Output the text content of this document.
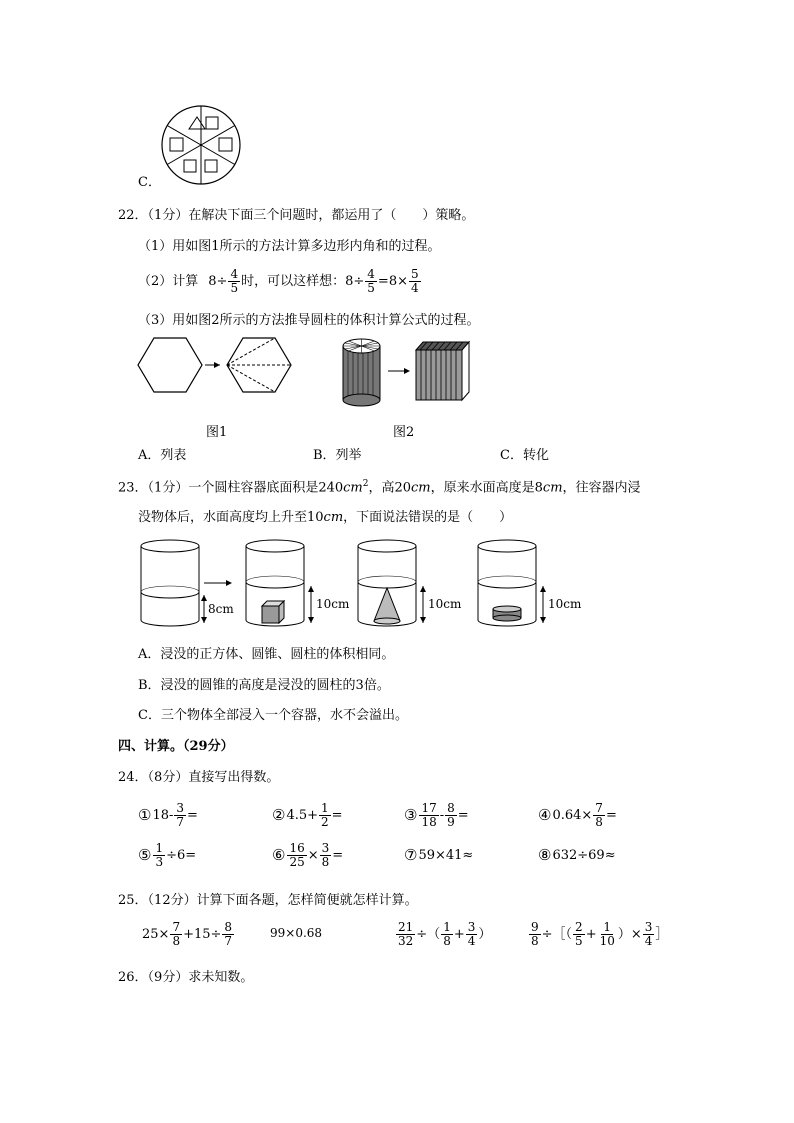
C．
22．（1分）在解决下面三个问题时，都运用了（　　）策略。
（1）用如图1所示的方法计算多边形内角和的过程。
（2）计算 $8\div \frac{4}{5}$ 时，可以这样想： $8\div \frac{4}{5} =8\times \frac{5}{4}$
（3）用如图2所示的方法推导圆柱的体积计算公式的过程。
图1	图2
A．列表	B．列举	C．转化
23．（1分）一个圆柱容器底面积是$240cm^2$，高20cm，原来水面高度是8cm，往容器内浸
没物体后，水面高度均上升至10cm，下面说法错误的是（　　）
8cm	10cm	10cm	10cm
A．浸没的正方体、圆锥、圆柱的体积相同。
B．浸没的圆锥的高度是浸没的圆柱的3倍。
C．三个物体全部浸入一个容器，水不会溢出。
四、计算。（29分）
24．（8分）直接写出得数。
① $18- \frac{3}{7}$ =	② $4.5+ \frac{1}{2}$ =	③ $\frac{17}{18} - \frac{8}{9}$ =	④ $0.64\times \frac{7}{8}$ =
⑤ $\frac{1}{3} \div 6=$	⑥ $\frac{16}{25} \times \frac{3}{8}$ =	⑦ 59×41≈	⑧ 632÷69≈
25．（12分）计算下面各题，怎样简便就怎样计算。
$25\times \frac{7}{8} +15\div \frac{8}{7}$	99×0.68	$\frac{21}{32}$ ÷（ $\frac{1}{8} + \frac{3}{4}$ ）	$\frac{9}{8}$ ÷［（ $\frac{2}{5} + \frac{1}{10}$ ）× $\frac{3}{4}$ ］
26．（9分）求未知数。
